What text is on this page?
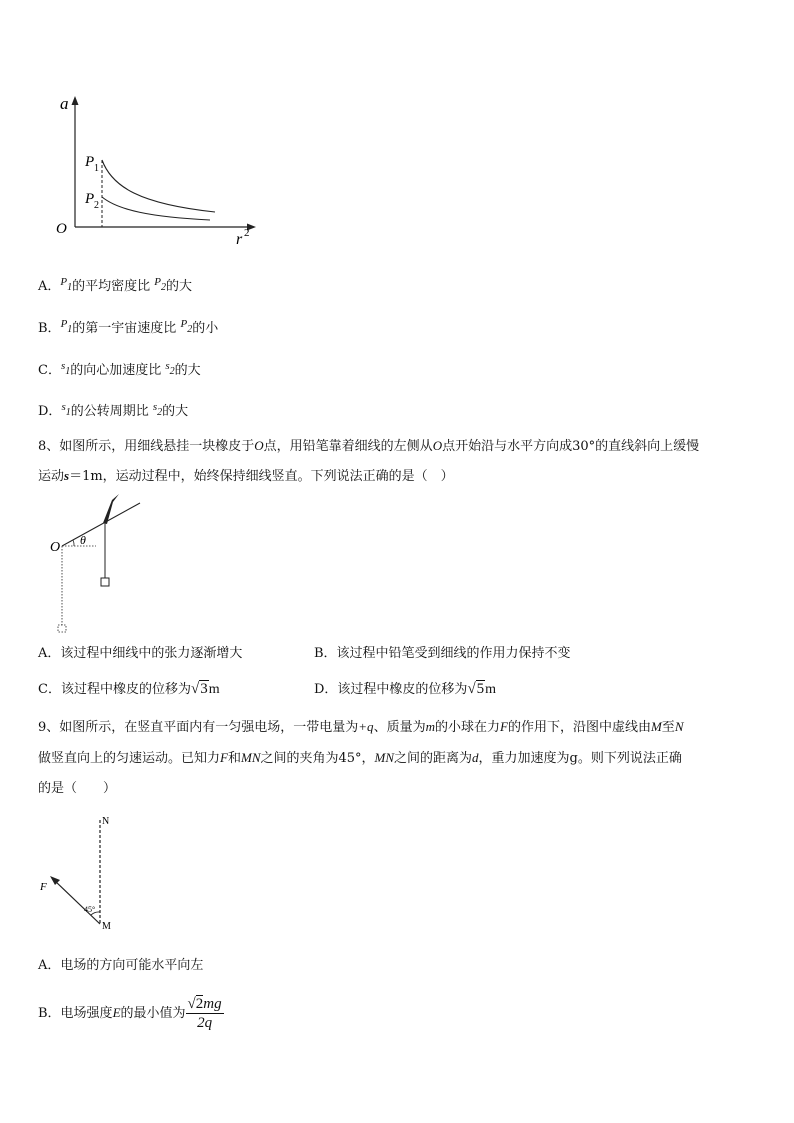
a
O
r 2
P 1
P 2
A．$^P$1的平均密度比 $^P$2的大
B．$^P$1的第一宇宙速度比 $^P$2的小
C．$^s$1的向心加速度比 $^s$2的大
D．$^s$1的公转周期比 $^s$2的大
8、如图所示，用细线悬挂一块橡皮于O点，用铅笔靠着细线的左侧从O点开始沿与水平方向成30°的直线斜向上缓慢
运动s＝1m，运动过程中，始终保持细线竖直。下列说法正确的是（　）
O θ
A．该过程中细线中的张力逐渐增大	B．该过程中铅笔受到细线的作用力保持不变
C．该过程中橡皮的位移为√3m	D．该过程中橡皮的位移为√5m
9、如图所示，在竖直平面内有一匀强电场，一带电量为+q、质量为m的小球在力F的作用下，沿图中虚线由M至N
做竖直向上的匀速运动。已知力F和MN之间的夹角为45°，MN之间的距离为d，重力加速度为g。则下列说法正确
的是（　　）
N
M
F
45°
A．电场的方向可能水平向左
B．电场强度E的最小值为 $\frac{√2mg}{2q}$
